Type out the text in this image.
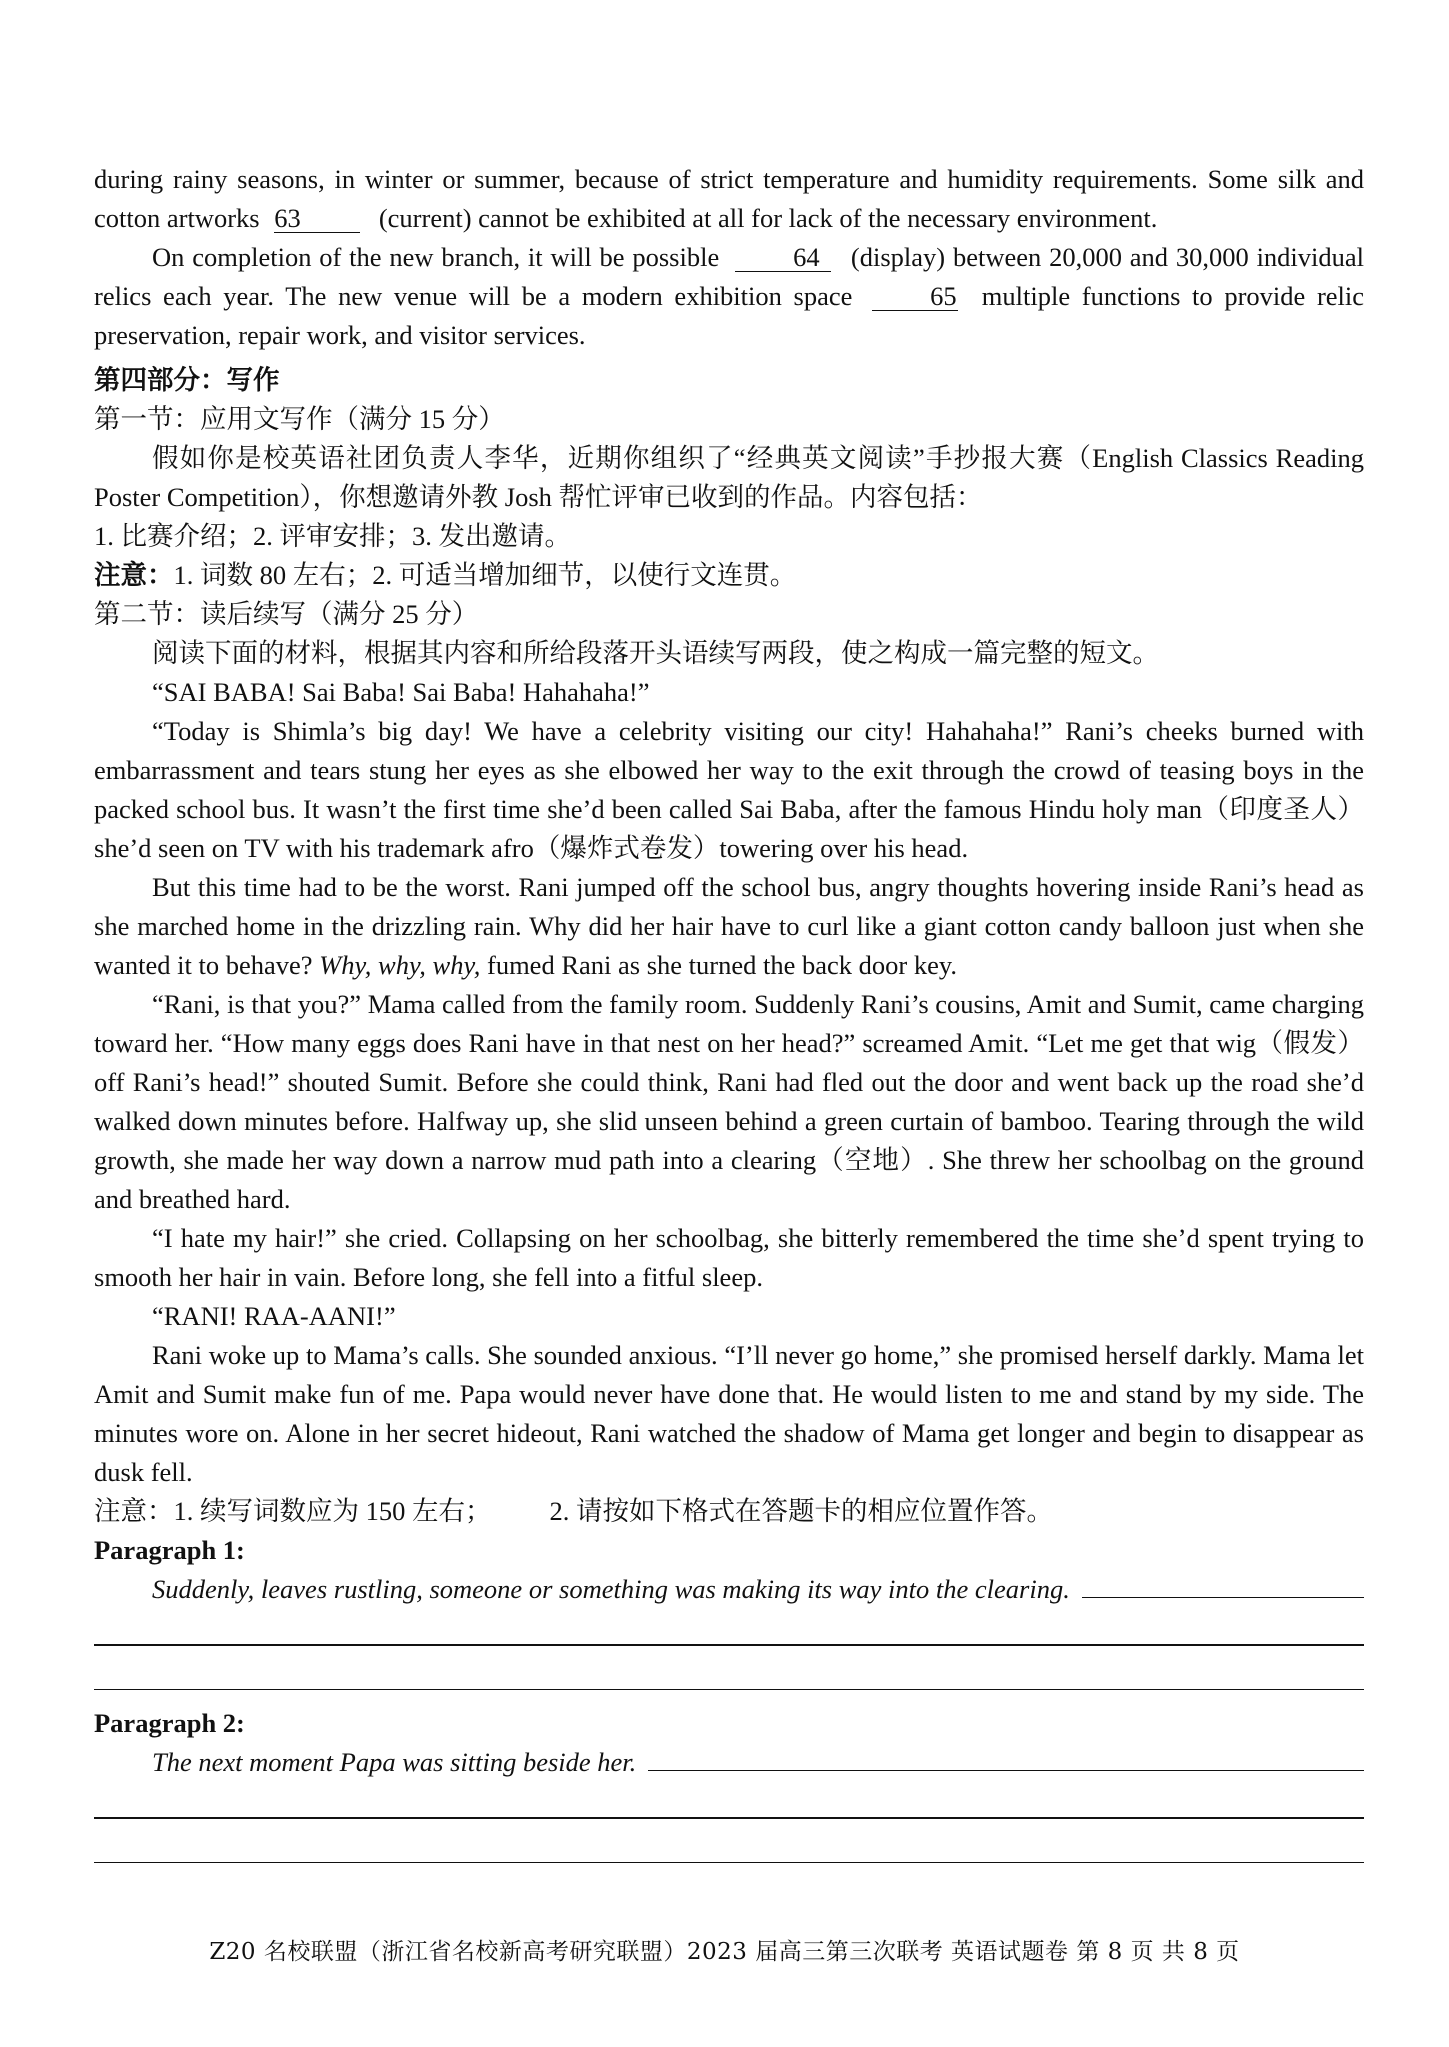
during rainy seasons, in winter or summer, because of strict temperature and humidity requirements. Some silk and cotton artworks 63	(current) cannot be exhibited at all for lack of the necessary environment.

On completion of the new branch, it will be possible	64 (display) between 20,000 and 30,000 individual relics each year. The new venue will be a modern exhibition space	65 multiple functions to provide relic preservation, repair work, and visitor services.

第四部分：写作

第一节：应用文写作（满分 15 分）

假如你是校英语社团负责人李华，近期你组织了“经典英文阅读”手抄报大赛（English Classics Reading Poster Competition），你想邀请外教 Josh 帮忙评审已收到的作品。内容包括：

1. 比赛介绍；2. 评审安排；3. 发出邀请。

注意：1. 词数 80 左右；2. 可适当增加细节，以使行文连贯。

第二节：读后续写（满分 25 分）

阅读下面的材料，根据其内容和所给段落开头语续写两段，使之构成一篇完整的短文。

“SAI BABA! Sai Baba! Sai Baba! Hahahaha!”

“Today is Shimla’s big day! We have a celebrity visiting our city! Hahahaha!” Rani’s cheeks burned with embarrassment and tears stung her eyes as she elbowed her way to the exit through the crowd of teasing boys in the packed school bus. It wasn’t the first time she’d been called Sai Baba, after the famous Hindu holy man（印度圣人）she’d seen on TV with his trademark afro（爆炸式卷发）towering over his head.

But this time had to be the worst. Rani jumped off the school bus, angry thoughts hovering inside Rani’s head as she marched home in the drizzling rain. Why did her hair have to curl like a giant cotton candy balloon just when she wanted it to behave? Why, why, why, fumed Rani as she turned the back door key.

“Rani, is that you?” Mama called from the family room. Suddenly Rani’s cousins, Amit and Sumit, came charging toward her. “How many eggs does Rani have in that nest on her head?” screamed Amit. “Let me get that wig（假发）off Rani’s head!” shouted Sumit. Before she could think, Rani had fled out the door and went back up the road she’d walked down minutes before. Halfway up, she slid unseen behind a green curtain of bamboo. Tearing through the wild growth, she made her way down a narrow mud path into a clearing（空地）. She threw her schoolbag on the ground and breathed hard.

“I hate my hair!” she cried. Collapsing on her schoolbag, she bitterly remembered the time she’d spent trying to smooth her hair in vain. Before long, she fell into a fitful sleep.

“RANI! RAA-AANI!”

Rani woke up to Mama’s calls. She sounded anxious. “I’ll never go home,” she promised herself darkly. Mama let Amit and Sumit make fun of me. Papa would never have done that. He would listen to me and stand by my side. The minutes wore on. Alone in her secret hideout, Rani watched the shadow of Mama get longer and begin to disappear as dusk fell.

注意：1. 续写词数应为 150 左右； 2. 请按如下格式在答题卡的相应位置作答。

Paragraph 1:

Suddenly, leaves rustling, someone or something was making its way into the clearing.

Paragraph 2:

The next moment Papa was sitting beside her.

Z20 名校联盟（浙江省名校新高考研究联盟）2023 届高三第三次联考 英语试题卷 第 8 页 共 8 页
